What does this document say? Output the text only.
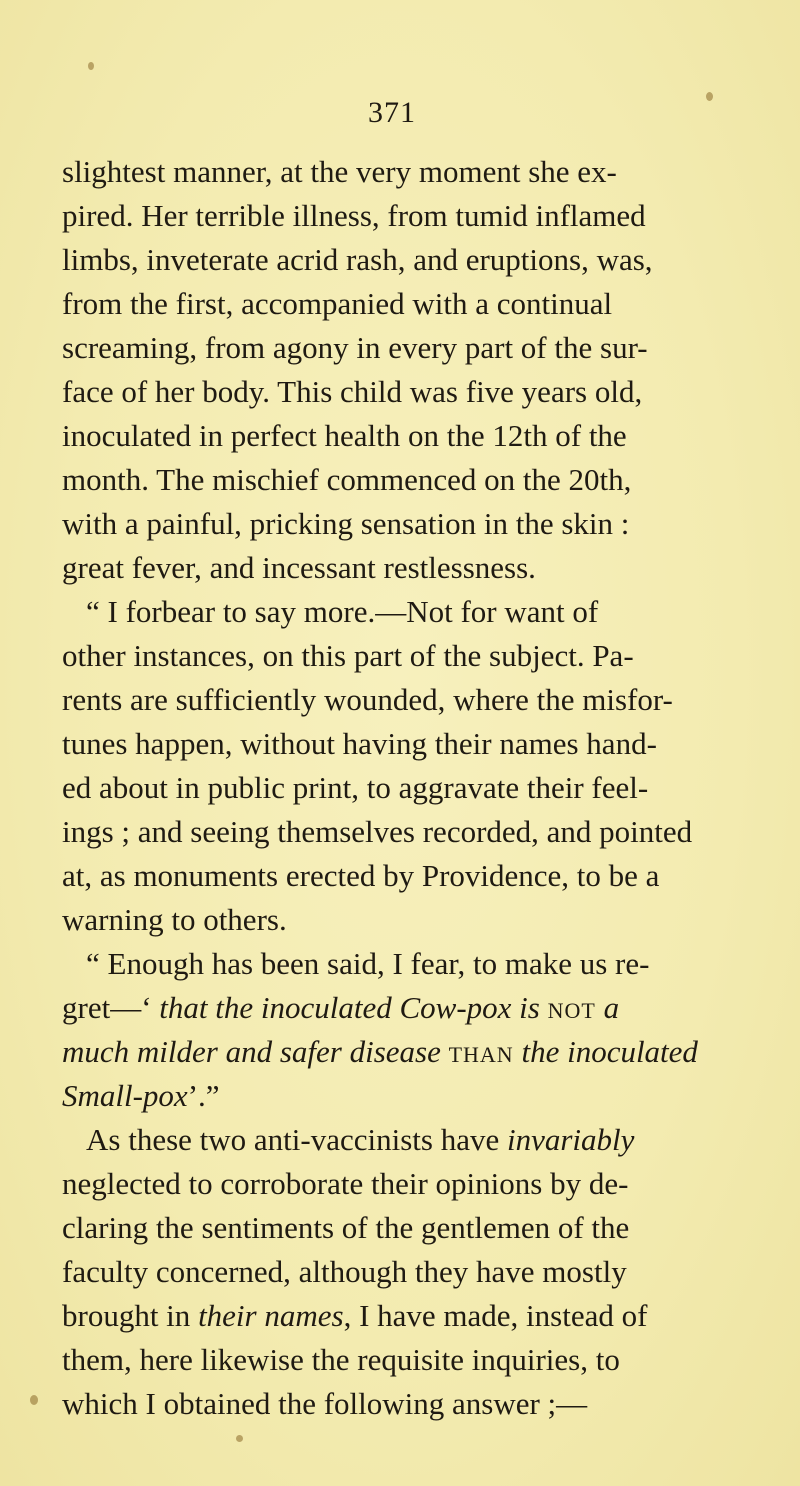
371
slightest manner, at the very moment she ex-
pired. Her terrible illness, from tumid inflamed
limbs, inveterate acrid rash, and eruptions, was,
from the first, accompanied with a continual
screaming, from agony in every part of the sur-
face of her body. This child was five years old,
inoculated in perfect health on the 12th of the
month. The mischief commenced on the 20th,
with a painful, pricking sensation in the skin :
great fever, and incessant restlessness.
“ I forbear to say more.—Not for want of
other instances, on this part of the subject. Pa-
rents are sufficiently wounded, where the misfor-
tunes happen, without having their names hand-
ed about in public print, to aggravate their feel-
ings ; and seeing themselves recorded, and pointed
at, as monuments erected by Providence, to be a
warning to others.
“ Enough has been said, I fear, to make us re-
gret—‘ that the inoculated Cow-pox is not a
much milder and safer disease than the inoculated
Small-pox’.”
As these two anti-vaccinists have invariably
neglected to corroborate their opinions by de-
claring the sentiments of the gentlemen of the
faculty concerned, although they have mostly
brought in their names, I have made, instead of
them, here likewise the requisite inquiries, to
which I obtained the following answer ;—
